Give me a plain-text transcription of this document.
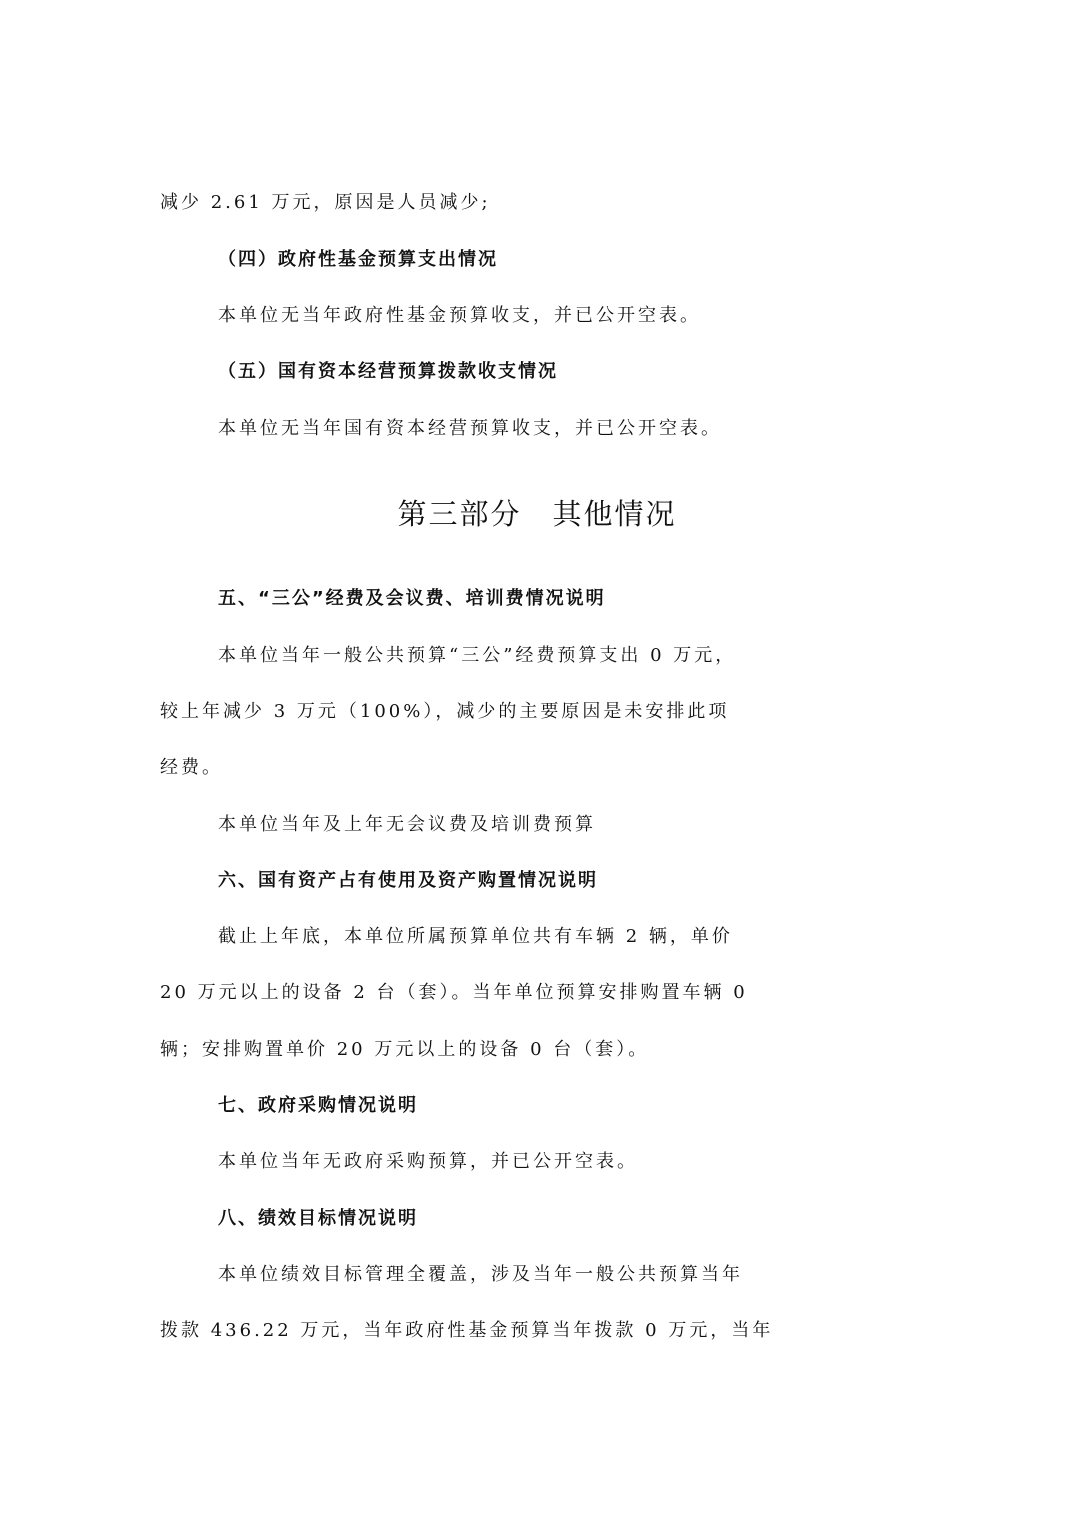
减少 2.61 万元，原因是人员减少;
（四）政府性基金预算支出情况
本单位无当年政府性基金预算收支，并已公开空表。
（五）国有资本经营预算拨款收支情况
本单位无当年国有资本经营预算收支，并已公开空表。
第三部分　其他情况
五、“三公”经费及会议费、培训费情况说明
本单位当年一般公共预算“三公”经费预算支出 0 万元，
较上年减少 3 万元（100%），减少的主要原因是未安排此项
经费。
本单位当年及上年无会议费及培训费预算
六、国有资产占有使用及资产购置情况说明
截止上年底，本单位所属预算单位共有车辆 2 辆，单价
20 万元以上的设备 2 台（套）。当年单位预算安排购置车辆 0
辆；安排购置单价 20 万元以上的设备 0 台（套）。
七、政府采购情况说明
本单位当年无政府采购预算，并已公开空表。
八、绩效目标情况说明
本单位绩效目标管理全覆盖，涉及当年一般公共预算当年
拨款 436.22 万元，当年政府性基金预算当年拨款 0 万元，当年
